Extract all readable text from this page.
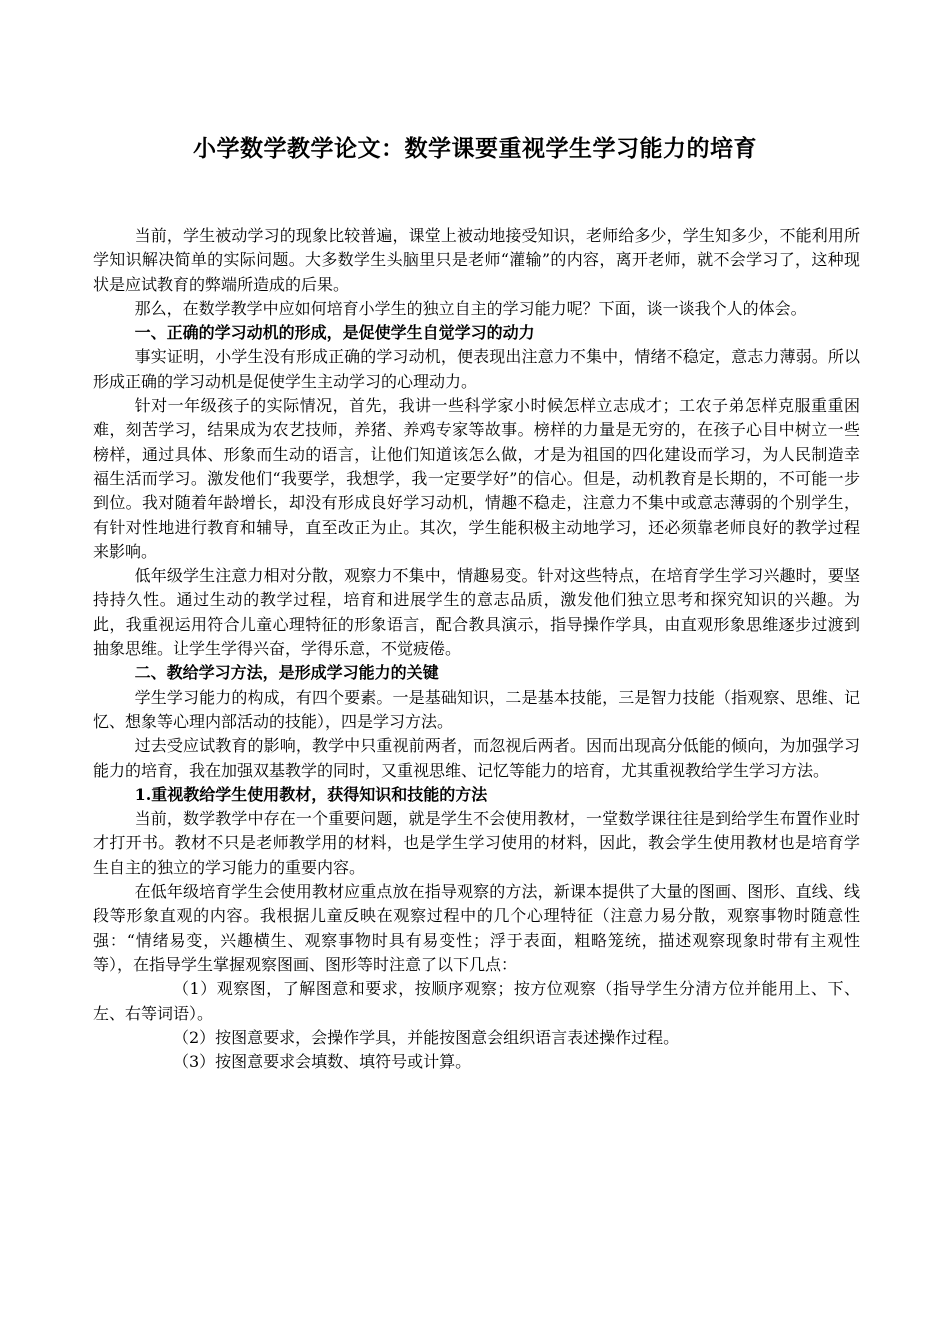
小学数学教学论文：数学课要重视学生学习能力的培育

当前，学生被动学习的现象比较普遍，课堂上被动地接受知识，老师给多少，学生知多少，不能利用所学知识解决简单的实际问题。大多数学生头脑里只是老师“灌输”的内容，离开老师，就不会学习了，这种现状是应试教育的弊端所造成的后果。

那么，在数学教学中应如何培育小学生的独立自主的学习能力呢？下面，谈一谈我个人的体会。

一、正确的学习动机的形成，是促使学生自觉学习的动力

事实证明，小学生没有形成正确的学习动机，便表现出注意力不集中，情绪不稳定，意志力薄弱。所以形成正确的学习动机是促使学生主动学习的心理动力。

针对一年级孩子的实际情况，首先，我讲一些科学家小时候怎样立志成才；工农子弟怎样克服重重困难，刻苦学习，结果成为农艺技师，养猪、养鸡专家等故事。榜样的力量是无穷的，在孩子心目中树立一些榜样，通过具体、形象而生动的语言，让他们知道该怎么做，才是为祖国的四化建设而学习，为人民制造幸福生活而学习。激发他们“我要学，我想学，我一定要学好”的信心。但是，动机教育是长期的，不可能一步到位。我对随着年龄增长，却没有形成良好学习动机，情趣不稳走，注意力不集中或意志薄弱的个别学生，有针对性地进行教育和辅导，直至改正为止。其次，学生能积极主动地学习，还必须靠老师良好的教学过程来影响。

低年级学生注意力相对分散，观察力不集中，情趣易变。针对这些特点，在培育学生学习兴趣时，要坚持持久性。通过生动的教学过程，培育和进展学生的意志品质，激发他们独立思考和探究知识的兴趣。为此，我重视运用符合儿童心理特征的形象语言，配合教具演示，指导操作学具，由直观形象思维逐步过渡到抽象思维。让学生学得兴奋，学得乐意，不觉疲倦。

二、教给学习方法，是形成学习能力的关键

学生学习能力的构成，有四个要素。一是基础知识，二是基本技能，三是智力技能（指观察、思维、记忆、想象等心理内部活动的技能），四是学习方法。

过去受应试教育的影响，教学中只重视前两者，而忽视后两者。因而出现高分低能的倾向，为加强学习能力的培育，我在加强双基教学的同时，又重视思维、记忆等能力的培育，尤其重视教给学生学习方法。

1.重视教给学生使用教材，获得知识和技能的方法

当前，数学教学中存在一个重要问题，就是学生不会使用教材，一堂数学课往往是到给学生布置作业时才打开书。教材不只是老师教学用的材料，也是学生学习使用的材料，因此，教会学生使用教材也是培育学生自主的独立的学习能力的重要内容。

在低年级培育学生会使用教材应重点放在指导观察的方法，新课本提供了大量的图画、图形、直线、线段等形象直观的内容。我根据儿童反映在观察过程中的几个心理特征（注意力易分散，观察事物时随意性强：“情绪易变，兴趣横生、观察事物时具有易变性；浮于表面，粗略笼统，描述观察现象时带有主观性等），在指导学生掌握观察图画、图形等时注意了以下几点：

（1）观察图，了解图意和要求，按顺序观察；按方位观察（指导学生分清方位并能用上、下、左、右等词语）。

（2）按图意要求，会操作学具，并能按图意会组织语言表述操作过程。

（3）按图意要求会填数、填符号或计算。
